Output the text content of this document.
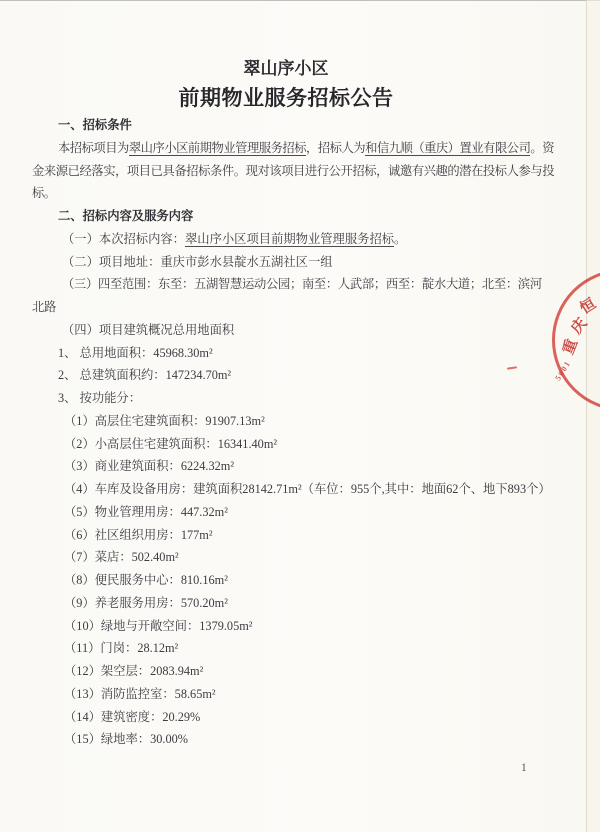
翠山序小区
前期物业服务招标公告
一、招标条件
本招标项目为翠山序小区前期物业管理服务招标，招标人为和信九顺（重庆）置业有限公司。资金来源已经落实，项目已具备招标条件。现对该项目进行公开招标，诚邀有兴趣的潜在投标人参与投标。
二、招标内容及服务内容
（一）本次招标内容：翠山序小区项目前期物业管理服务招标。
（二）项目地址：重庆市彭水县靛水五湖社区一组
（三）四至范围：东至：五湖智慧运动公园；南至：人武部；西至：靛水大道；北至：滨河北路
（四）项目建筑概况总用地面积
1、 总用地面积：45968.30m²
2、 总建筑面积约：147234.70m²
3、 按功能分：
（1）高层住宅建筑面积：91907.13m²
（2）小高层住宅建筑面积：16341.40m²
（3）商业建筑面积：6224.32m²
（4）车库及设备用房：建筑面积28142.71m²（车位：955个,其中：地面62个、地下893个）
（5）物业管理用房：447.32m²
（6）社区组织用房：177m²
（7）菜店：502.40m²
（8）便民服务中心：810.16m²
（9）养老服务用房：570.20m²
（10）绿地与开敞空间：1379.05m²
（11）门岗：28.12m²
（12）架空层：2083.94m²
（13）消防监控室：58.65m²
（14）建筑密度：20.29%
（15）绿地率：30.00%
1
重
庆
恒
5001
